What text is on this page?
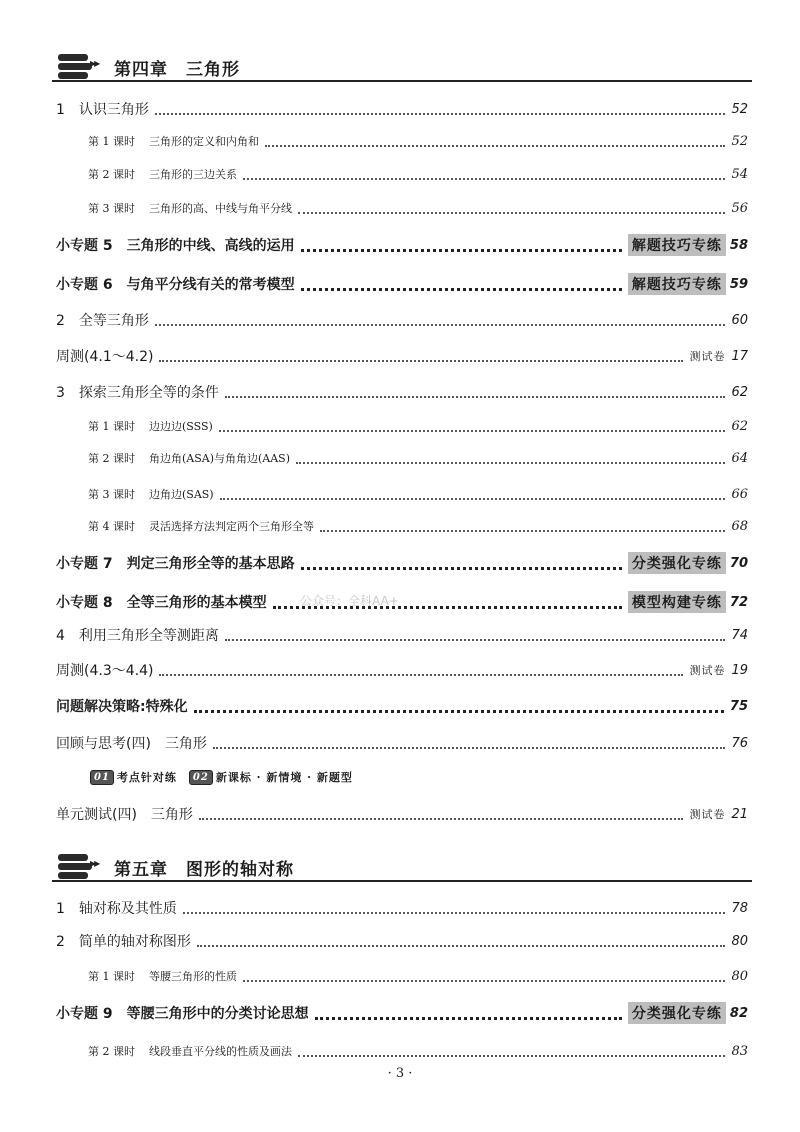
▶▶ 第四章　三角形
1　认识三角形	52
第 1 课时 三角形的定义和内角和	52
第 2 课时 三角形的三边关系	54
第 3 课时 三角形的高、中线与角平分线	56
小专题 5　三角形的中线、高线的运用	解题技巧专练 58
小专题 6　与角平分线有关的常考模型	解题技巧专练 59
2　全等三角形	60
周测(4.1～4.2)	测试卷 17
3　探索三角形全等的条件	62
第 1 课时 边边边(SSS)	62
第 2 课时 角边角(ASA)与角角边(AAS)	64
第 3 课时 边角边(SAS)	66
第 4 课时 灵活选择方法判定两个三角形全等	68
小专题 7　判定三角形全等的基本思路	分类强化专练 70
小专题 8　全等三角形的基本模型	模型构建专练 72
4　利用三角形全等测距离	74
周测(4.3～4.4)	测试卷 19
问题解决策略:特殊化	75
回顾与思考(四)　三角形	76
单元测试(四)　三角形	测试卷 21
01 考点针对练	02 新课标 · 新情境 · 新题型
▶▶ 第五章　图形的轴对称
1　轴对称及其性质	78
2　简单的轴对称图形	80
第 1 课时 等腰三角形的性质	80
小专题 9　等腰三角形中的分类讨论思想	分类强化专练 82
第 2 课时 线段垂直平分线的性质及画法	83
公众号：全科AA+
· 3 ·
